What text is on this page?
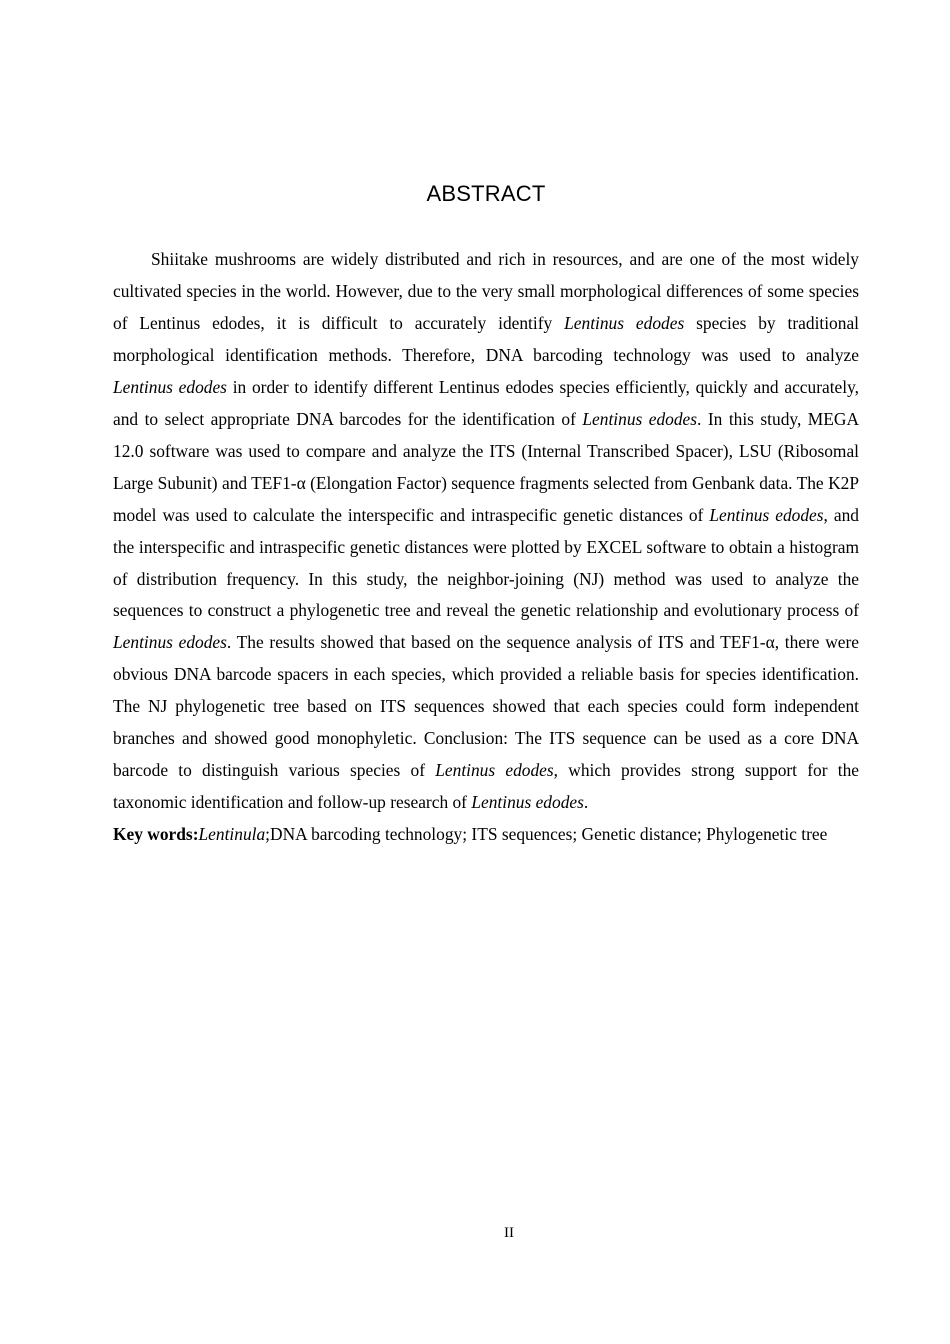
ABSTRACT

Shiitake mushrooms are widely distributed and rich in resources, and are one of the most widely cultivated species in the world. However, due to the very small morphological differences of some species of Lentinus edodes, it is difficult to accurately identify Lentinus edodes species by traditional morphological identification methods. Therefore, DNA barcoding technology was used to analyze Lentinus edodes in order to identify different Lentinus edodes species efficiently, quickly and accurately, and to select appropriate DNA barcodes for the identification of Lentinus edodes. In this study, MEGA 12.0 software was used to compare and analyze the ITS (Internal Transcribed Spacer), LSU (Ribosomal Large Subunit) and TEF1-α (Elongation Factor) sequence fragments selected from Genbank data. The K2P model was used to calculate the interspecific and intraspecific genetic distances of Lentinus edodes, and the interspecific and intraspecific genetic distances were plotted by EXCEL software to obtain a histogram of distribution frequency. In this study, the neighbor-joining (NJ) method was used to analyze the sequences to construct a phylogenetic tree and reveal the genetic relationship and evolutionary process of Lentinus edodes. The results showed that based on the sequence analysis of ITS and TEF1-α, there were obvious DNA barcode spacers in each species, which provided a reliable basis for species identification. The NJ phylogenetic tree based on ITS sequences showed that each species could form independent branches and showed good monophyletic. Conclusion: The ITS sequence can be used as a core DNA barcode to distinguish various species of Lentinus edodes, which provides strong support for the taxonomic identification and follow-up research of Lentinus edodes.

Key words:Lentinula;DNA barcoding technology; ITS sequences; Genetic distance; Phylogenetic tree

II
